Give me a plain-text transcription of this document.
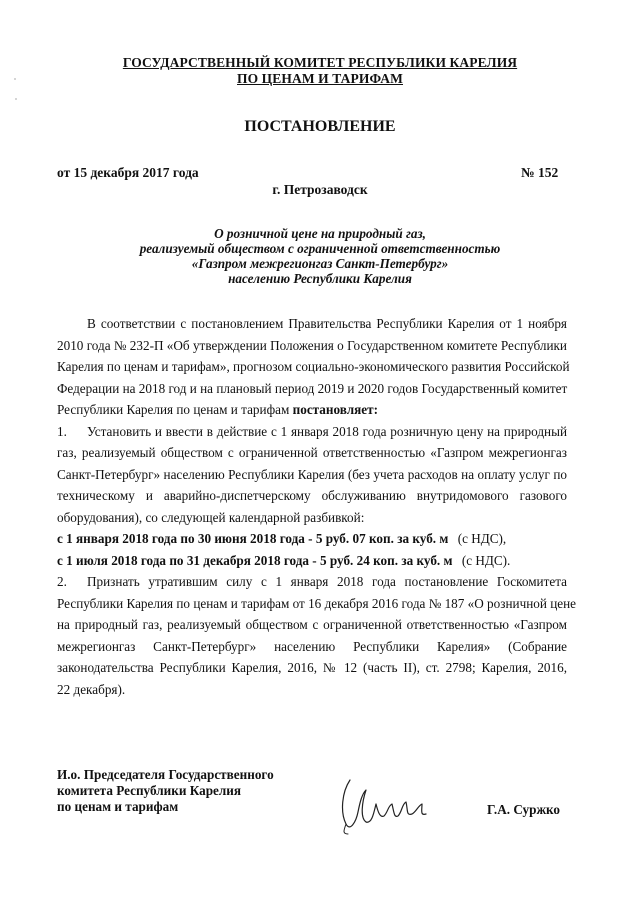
ГОСУДАРСТВЕННЫЙ КОМИТЕТ РЕСПУБЛИКИ КАРЕЛИЯ
ПО ЦЕНАМ И ТАРИФАМ
ПОСТАНОВЛЕНИЕ
от 15 декабря 2017 года	№ 152
г. Петрозаводск
О розничной цене на природный газ,
реализуемый обществом с ограниченной ответственностью
«Газпром межрегионгаз Санкт-Петербург»
населению Республики Карелия
В соответствии с постановлением Правительства Республики Карелия от 1 ноября
2010 года № 232-П «Об утверждении Положения о Государственном комитете Республики
Карелия по ценам и тарифам», прогнозом социально-экономического развития Российской
Федерации на 2018 год и на плановый период 2019 и 2020 годов Государственный комитет
Республики Карелия по ценам и тарифам постановляет:
1.	Установить и ввести в действие с 1 января 2018 года розничную цену на природный
газ, реализуемый обществом с ограниченной ответственностью «Газпром межрегионгаз
Санкт-Петербург» населению Республики Карелия (без учета расходов на оплату услуг по
техническому и аварийно-диспетчерскому обслуживанию внутридомового газового
оборудования), со следующей календарной разбивкой:
с 1 января 2018 года по 30 июня 2018 года - 5 руб. 07 коп. за куб. м (с НДС),
с 1 июля 2018 года по 31 декабря 2018 года - 5 руб. 24 коп. за куб. м (с НДС).
2.	Признать утратившим силу с 1 января 2018 года постановление Госкомитета
Республики Карелия по ценам и тарифам от 16 декабря 2016 года № 187 «О розничной цене
на природный газ, реализуемый обществом с ограниченной ответственностью «Газпром
межрегионгаз Санкт-Петербург» населению Республики Карелия» (Собрание
законодательства Республики Карелия, 2016, № 12 (часть II), ст. 2798; Карелия, 2016,
22 декабря).
И.о. Председателя Государственного
комитета Республики Карелия
по ценам и тарифам	Г.А. Суржко
